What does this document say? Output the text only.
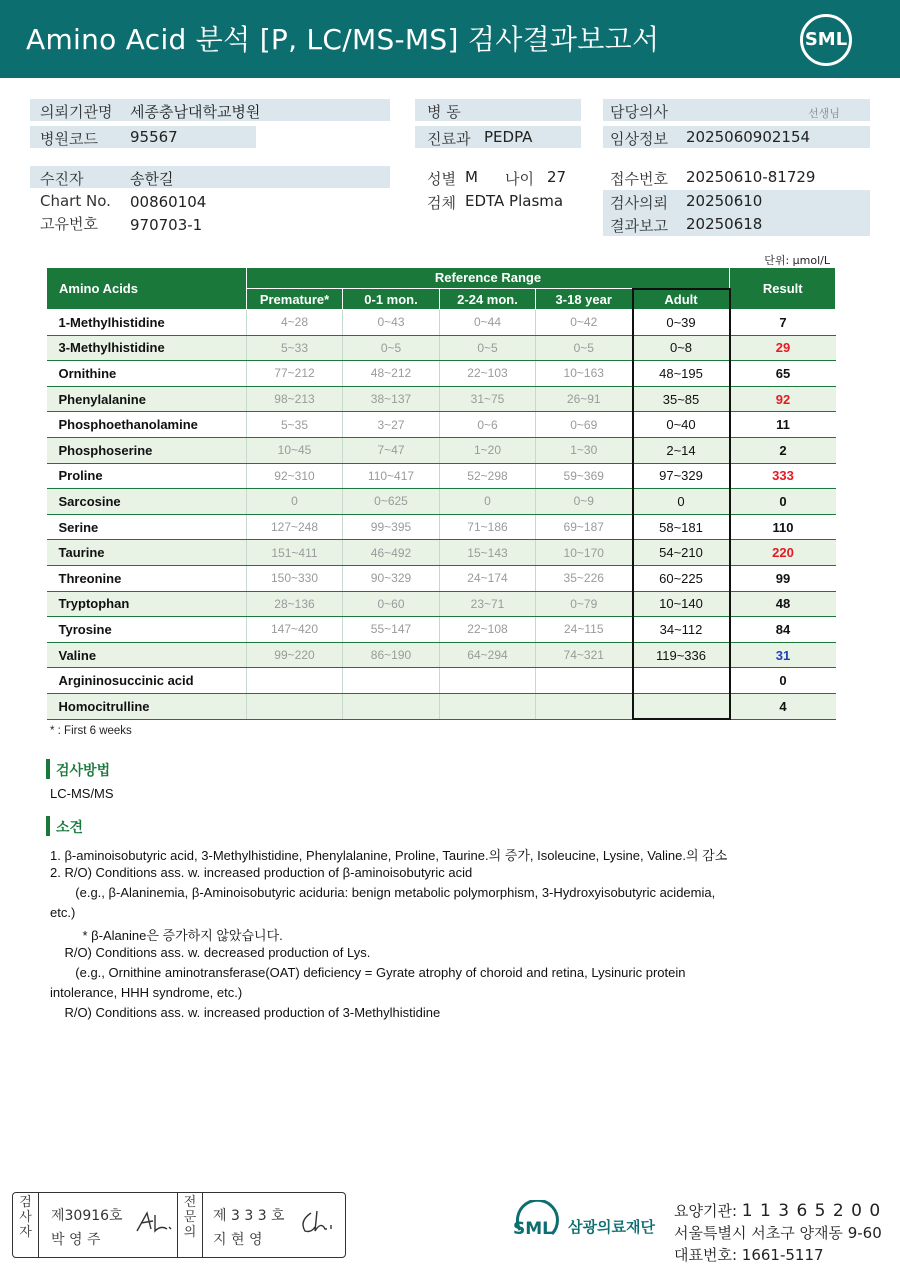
Amino Acid 분석 [P, LC/MS-MS] 검사결과보고서	SML
의뢰기관명 세종충남대학교병원
병원코드 95567
병 동
진료과 PEDPA
담당의사	선생님
임상정보 2025060902154
수진자	송한길
Chart No. 00860104
고유번호 970703-1
성별 M 나이 27
검체 EDTA Plasma
접수번호 20250610-81729
검사의뢰 20250610
결과보고 20250618
단위: μmol/L
Amino Acids	Reference Range					Result
	Premature*	0-1 mon.	2-24 mon.	3-18 year	Adult	
1-Methylhistidine	4~28	0~43	0~44	0~42	0~39	7
3-Methylhistidine	5~33	0~5	0~5	0~5	0~8	29
Ornithine	77~212	48~212	22~103	10~163	48~195	65
Phenylalanine	98~213	38~137	31~75	26~91	35~85	92
Phosphoethanolamine	5~35	3~27	0~6	0~69	0~40	11
Phosphoserine	10~45	7~47	1~20	1~30	2~14	2
Proline	92~310	110~417	52~298	59~369	97~329	333
Sarcosine	0	0~625	0	0~9	0	0
Serine	127~248	99~395	71~186	69~187	58~181	110
Taurine	151~411	46~492	15~143	10~170	54~210	220
Threonine	150~330	90~329	24~174	35~226	60~225	99
Tryptophan	28~136	0~60	23~71	0~79	10~140	48
Tyrosine	147~420	55~147	22~108	24~115	34~112	84
Valine	99~220	86~190	64~294	74~321	119~336	31
Argininosuccinic acid						0
Homocitrulline						4
* : First 6 weeks
검사방법
LC-MS/MS
소견
1. β-aminoisobutyric acid, 3-Methylhistidine, Phenylalanine, Proline, Taurine.의 증가, Isoleucine, Lysine, Valine.의 감소
2. R/O) Conditions ass. w. increased production of β-aminoisobutyric acid
(e.g., β-Alaninemia, β-Aminoisobutyric aciduria: benign metabolic polymorphism, 3-Hydroxyisobutyric acidemia,
etc.)
* β-Alanine은 증가하지 않았습니다.
R/O) Conditions ass. w. decreased production of Lys.
(e.g., Ornithine aminotransferase(OAT) deficiency = Gyrate atrophy of choroid and retina, Lysinuric protein
intolerance, HHH syndrome, etc.)
R/O) Conditions ass. w. increased production of 3-Methylhistidine
검사자
제30916호
박 영 주
전문의
제 3 3 3 호
지 현 영
SML 삼광의료재단
요양기관: 1 1 3 6 5 2 0 0
서울특별시 서초구 양재동 9-60
대표번호: 1661-5117
